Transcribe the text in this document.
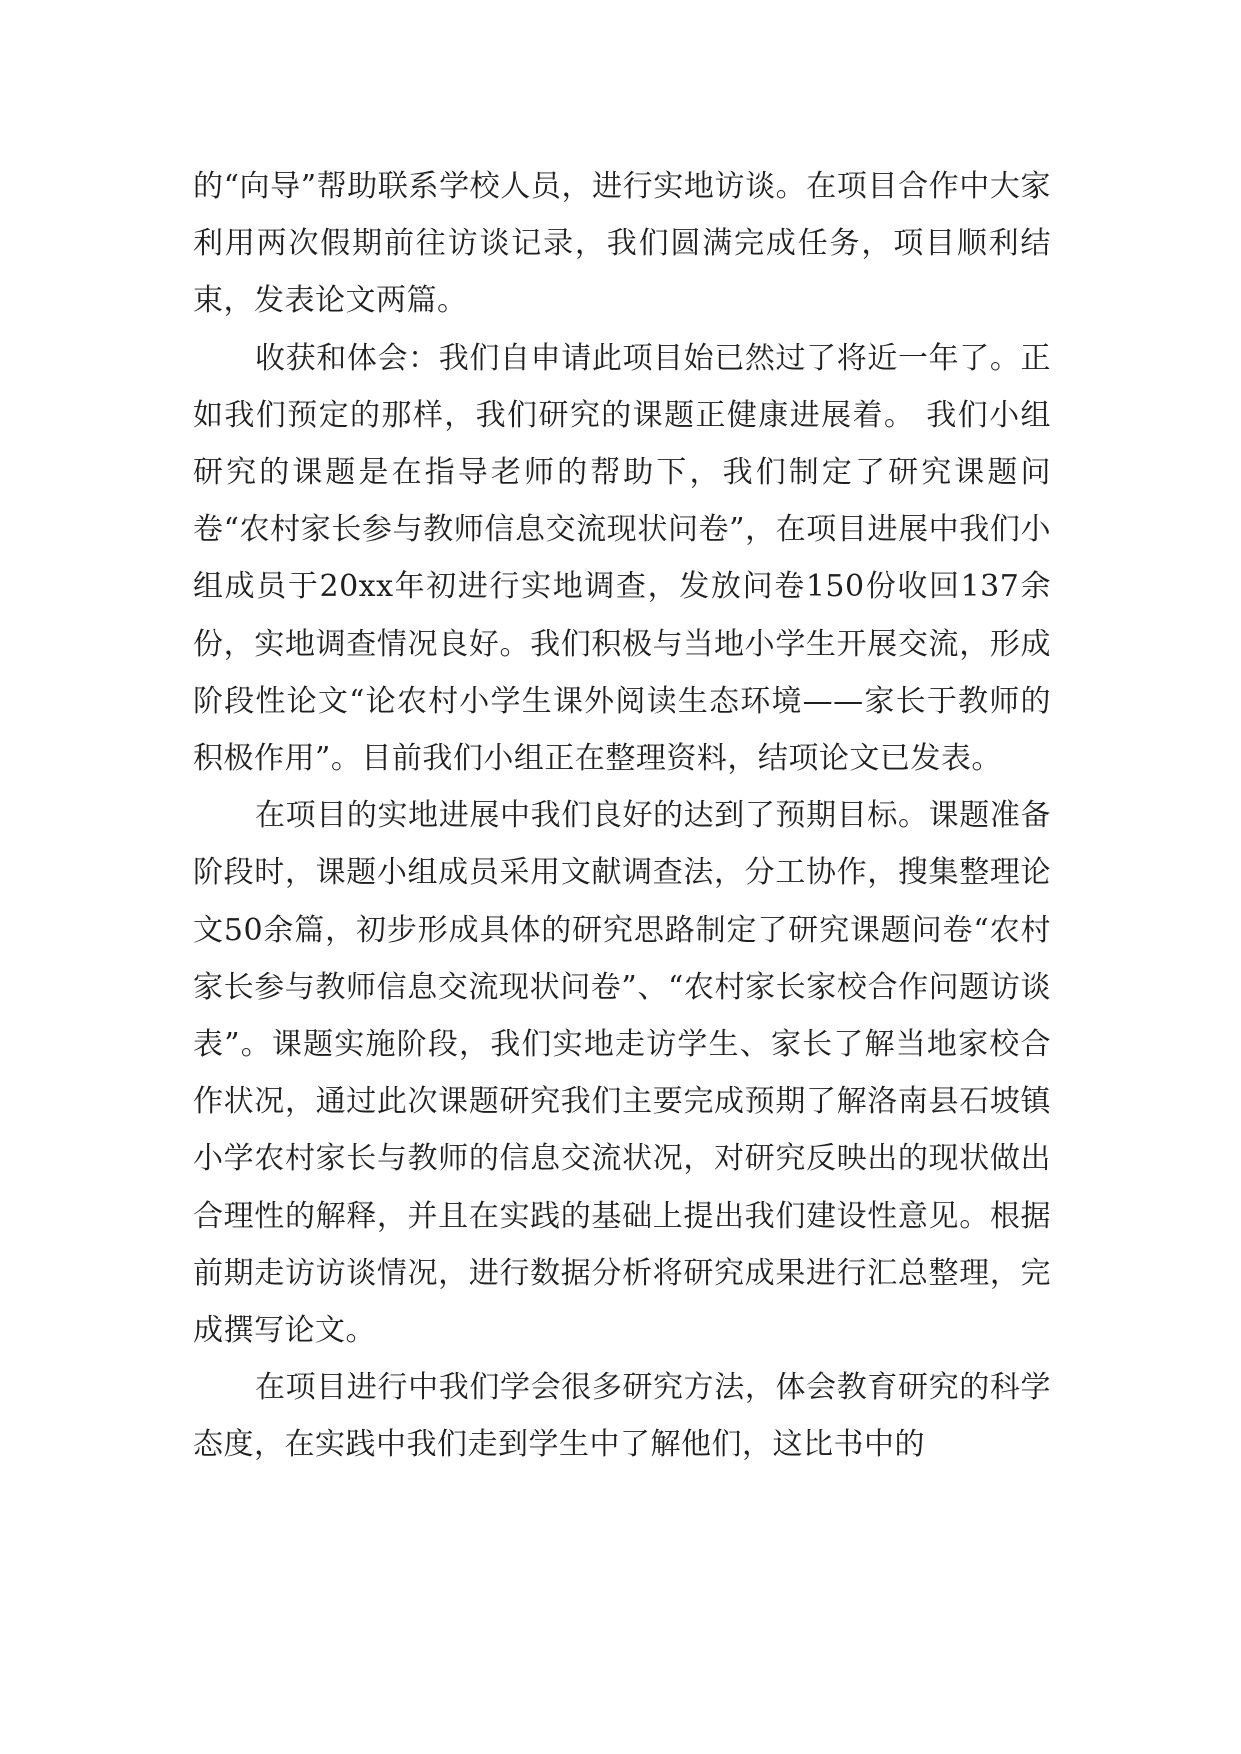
的“向导”帮助联系学校人员，进行实地访谈。在项目合作中大家利用两次假期前往访谈记录，我们圆满完成任务，项目顺利结束，发表论文两篇。

收获和体会：我们自申请此项目始已然过了将近一年了。正如我们预定的那样，我们研究的课题正健康进展着。 我们小组研究的课题是在指导老师的帮助下，我们制定了研究课题问卷“农村家长参与教师信息交流现状问卷”，在项目进展中我们小组成员于20xx年初进行实地调查，发放问卷150份收回137余份，实地调查情况良好。我们积极与当地小学生开展交流，形成阶段性论文“论农村小学生课外阅读生态环境——家长于教师的积极作用”。目前我们小组正在整理资料，结项论文已发表。

在项目的实地进展中我们良好的达到了预期目标。课题准备阶段时，课题小组成员采用文献调查法，分工协作，搜集整理论文50余篇，初步形成具体的研究思路制定了研究课题问卷“农村家长参与教师信息交流现状问卷”、“农村家长家校合作问题访谈表”。课题实施阶段，我们实地走访学生、家长了解当地家校合作状况，通过此次课题研究我们主要完成预期了解洛南县石坡镇小学农村家长与教师的信息交流状况，对研究反映出的现状做出合理性的解释，并且在实践的基础上提出我们建设性意见。根据前期走访访谈情况，进行数据分析将研究成果进行汇总整理，完成撰写论文。

在项目进行中我们学会很多研究方法，体会教育研究的科学态度，在实践中我们走到学生中了解他们，这比书中的
